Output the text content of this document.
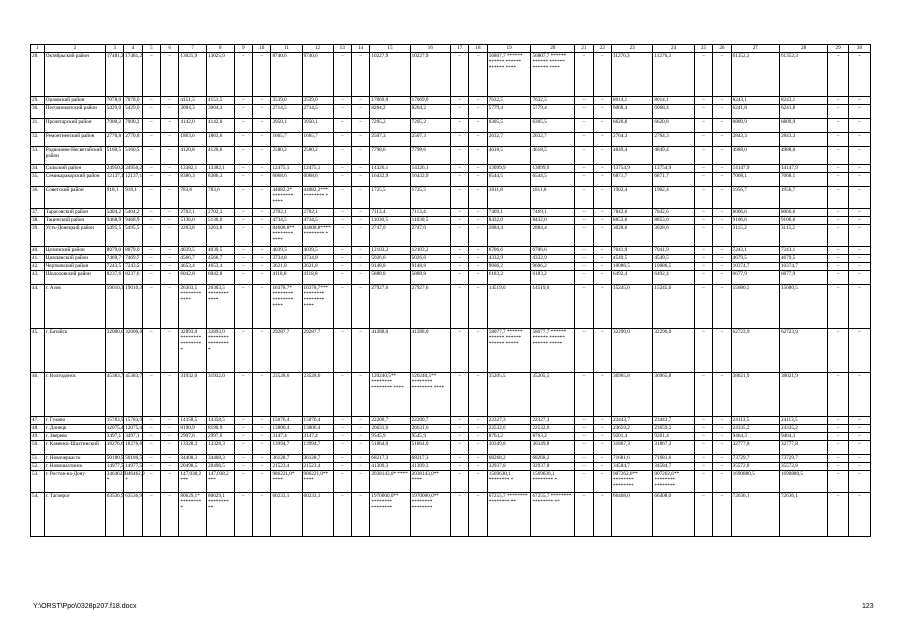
1	2	3	4	5	6	7	8	9	10	11	12	13	14	15	16	17	18	19	20	21	22	23	24	25	26	27	28	29	30
28.	Октябрьский район	17481,2	17481,2	–	–	13025,9	13025,9	–	–	8740,6	8740,6	–	–	10227,9	10227,9	–	–	56807,7 ****** ****** ****** ****** ****	56807,7 ****** ****** ****** ****** ****	–	–	11276,3	11276,3	–	–	61352,3	61352,3	–	–
29.	Орловский район	7078,0	7078,0	–	–	4151,5	4151,5	–	–	3539,0	3539,0	–	–	17069,0	17069,0	–	–	7632,5	7632,5	–	–	8014,1	8014,1	–	–	8243,1	8243,1	–	–
30.	Песчанокопский район	5429,0	5429,0	–	–	3004,3	3004,3	–	–	2714,5	2714,5	–	–	8204,2	8204,2	–	–	5779,4	5779,4	–	–	6068,4	6068,4	–	–	6241,8	6241,8	–	–
31.	Пролетарский район	7900,2	7900,2	–	–	4142,0	4142,0	–	–	3950,1	3950,1	–	–	7205,2	7205,2	–	–	6305,5	6305,5	–	–	6620,8	6620,8	–	–	6809,9	6809,9	–	–
32.	Ремонтненский район	2770,8	2770,8	–	–	1863,6	1863,6	–	–	1665,7	1665,7	–	–	2507,3	2507,3	–	–	2632,7	2632,7	–	–	2764,3	2764,3	–	–	2843,3	2843,3	–	–
33.	Родионово-Несветайский район	5160,5	5160,5	–	–	4120,8	4120,8	–	–	2580,2	2580,2	–	–	7798,6	7798,6	–	–	4618,5	4618,5	–	–	4849,4	4849,4	–	–	4988,0	4988,0	–	–
34.	Сальский район	24950,2	24950,2	–	–	13382,1	13382,1	–	–	12475,1	12475,1	–	–	14326,1	14326,1	–	–	13099,9	13099,9	–	–	13754,9	13754,9	–	–	14147,9	14147,9	–	–
35.	Семикаракорский район	12137,1	12137,1	–	–	8386,3	8386,3	–	–	6068,6	6068,6	–	–	16432,9	16432,9	–	–	6544,5	6544,5	–	–	6871,7	6871,7	–	–	7068,1	7068,1	–	–
36.	Советский район	918,1	918,1	–	–	783,6	783,6	–	–	44082,2* ******** ****	44082,2*** ******** *	–	–	1725,5	1725,5	–	–	1811,8	1811,8	–	–	1902,4	1902,4	–	–	1956,7	1956,7	–	–
37.	Тарасовский район	5404,2	5404,2	–	–	2702,1	2702,1	–	–	2702,1	2702,1	–	–	7113,4	7113,4	–	–	7469,1	7469,1	–	–	7842,6	7842,6	–	–	8066,6	8066,6	–	–
38.	Тацинский район	9468,9	9468,9	–	–	5136,0	5136,0	–	–	4734,5	4734,5	–	–	11030,5	11030,5	–	–	8432,0	8432,0	–	–	8853,6	8853,6	–	–	9106,6	9106,6	–	–
39.	Усть-Донецкий район	5495,5	5495,5	–	–	3263,8	3263,8	–	–	84608,8** ******** ****	84608,8**** ******** *	–	–	2747,0	2747,0	–	–	2884,4	2884,4	–	–	3028,6	3028,6	–	–	3115,2	3115,2	–	–
40.	Целинский район	8079,0	8079,0	–	–	4039,5	4039,5	–	–	4039,5	4039,5	–	–	12103,2	12103,2	–	–	6706,6	6706,6	–	–	7041,9	7041,9	–	–	7243,1	7243,1	–	–
41.	Цимлянский район	7469,7	7469,7	–	–	4566,7	4566,7	–	–	3734,8	3734,8	–	–	5026,6	5026,6	–	–	4332,9	4332,9	–	–	4549,5	4549,5	–	–	4679,5	4679,5	–	–
42.	Чертковский район	7243,5	7243,5	–	–	4653,4	4653,4	–	–	3621,8	3621,8	–	–	9148,8	9148,8	–	–	9606,2	9606,2	–	–	10086,5	10086,5	–	–	10374,7	10374,7	–	–
43.	Шолоховский район	8237,6	8237,6	–	–	6042,8	6042,8	–	–	4118,8	4118,8	–	–	5888,8	5888,8	–	–	6183,2	6183,2	–	–	6492,4	6492,4	–	–	6677,9	6677,9	–	–
44.	г. Азов	19010,3	19010,3	–	–	26303,5 ******** ****	26303,5 ******** ****	–	–	16378,7* ******** ******** ****	16378,7*** ******** ******** ****	–	–	27927,6	27927,6	–	–	14519,0	14519,0	–	–	15245,0	15245,0	–	–	15680,5	15680,5	–	–
45.	г. Батайск	32000,0	32000,0	–	–	32893,0 ******** ******** *	32893,0 ******** ******** *	–	–	29287,7	29287,7	–	–	41288,0	41288,0	–	–	58077,7 ****** ****** ****** ****** *****	58077,7 ****** ****** ****** ****** *****	–	–	32290,0	32290,0	–	–	62723,9	62723,9	–	–
46.	г. Волгодонск	45383,7	45383,7	–	–	31932,0	31932,0	–	–	23528,6	23528,6	–	–	120240,5** ******** ******** ****	120240,5** ******** ******** ****	–	–	35205,5	35205,5	–	–	36965,8	36965,8	–	–	38021,9	38021,9	–	–
47.	г. Гуково	15783,9	15783,9	–	–	14358,5	14358,5	–	–	15076,4	15076,4	–	–	22200,7	22200,7	–	–	22327,3	22327,3	–	–	23443,7	23443,7	–	–	24113,5	24113,5	–	–
48.	г. Донецк	12075,4	12075,4	–	–	8190,9	8190,9	–	–	13806,4	13806,4	–	–	26631,6	26631,6	–	–	22532,6	22532,6	–	–	23659,2	23659,2	–	–	24335,2	24335,2	–	–
49.	г. Зверево	3497,1	3497,1	–	–	2997,6	2997,6	–	–	3147,4	3147,4	–	–	9545,9	9545,9	–	–	8763,2	8763,2	–	–	9201,4	9201,4	–	–	9464,3	9464,3	–	–
50.	г. Каменск-Шахтинский	18276,6	18276,6	–	–	13328,3	13328,3	–	–	13994,7	13994,7	–	–	51864,0	51864,0	–	–	30349,8	30349,8	–	–	31867,3	31867,3	–	–	32777,8	32777,8	–	–
51.	г. Новочеркасск	50180,5	50180,5	–	–	34408,3	34408,3	–	–	36128,7	36128,7	–	–	68217,3	68217,3	–	–	68268,2	68268,2	–	–	71681,6	71681,6	–	–	73729,7	73729,7	–	–
52.	г. Новошахтинск	14977,5	14977,5	–	–	20498,5	20498,5	–	–	21523,4	21523,4	–	–	41309,3	41309,3	–	–	32937,8	32937,8	–	–	34584,7	34584,7	–	–	35572,8	35572,8	–	–
53.	г. Ростов-на-Дону	346462,9 *	346462,9 *	–	–	147,038,2 ***	147,038,2 ***	–	–	986221,0* ****	986221,0** ****	–	–	2038143,0* ****	2038143,0** ****	–	–	1569630,1 ******** *	1569630,1 ******** *	–	–	907262,6** ******** ********	907262,6** ******** ********	–	–	1690880,5	1690880,5	–	–
54.	г. Таганрог	63536,9	63536,9	–	–	80629,1* ******** *	80629,1 ******** **	–	–	60233,1	60233,1	–	–	1970000,0** ******** ********	1970000,0** ******** ********	–	–	67255,7 ******** ******** **	67255,7 ******** ******** **	–	–	66408,0	66408,0	–	–	72636,1	72636,1	–	–
Y:\ORST\Ppo\0328p207.f18.docx	123
